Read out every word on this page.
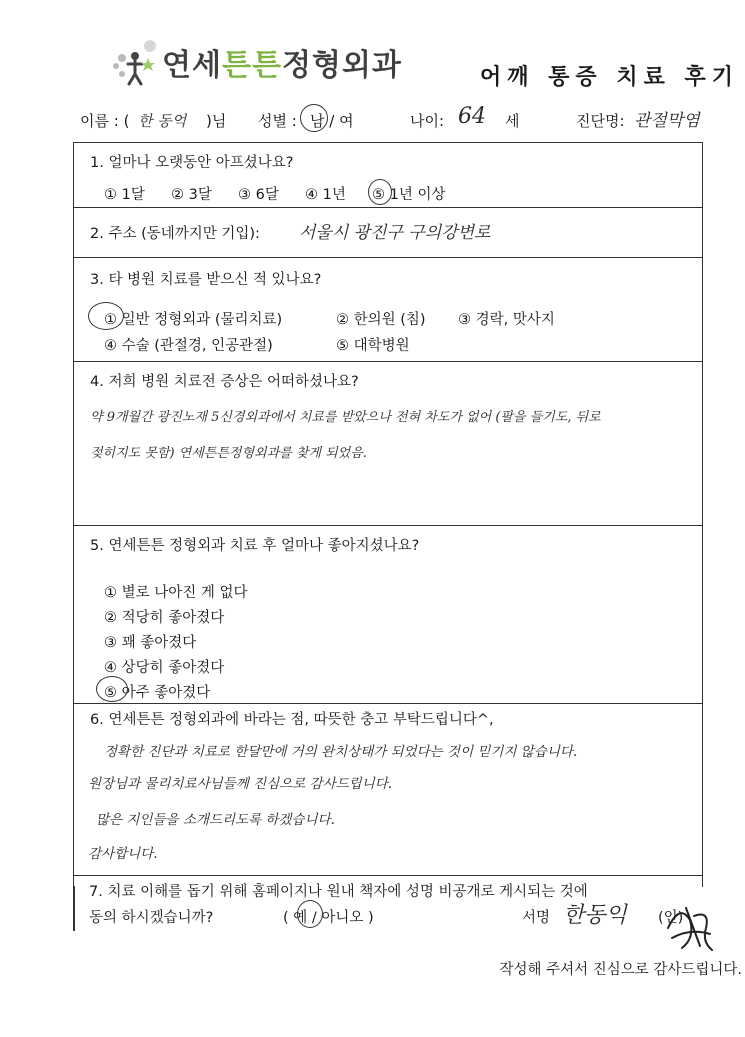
연세튼튼정형외과	어깨 통증 치료 후기
이름 : ( 한 동억 )님 성별 : 남 / 여	나이: 64 세	진단명: 관절막염
1. 얼마나 오랫동안 아프셨나요?
① 1달 ② 3달 ③ 6달 ④ 1년 ⑤ 1년 이상
2. 주소 (동네까지만 기입): 서울시 광진구 구의강변로
3. 타 병원 치료를 받으신 적 있나요?
① 일반 정형외과 (물리치료)	② 한의원 (침) ③ 경락, 맛사지
④ 수술 (관절경, 인공관절)	⑤ 대학병원
4. 저희 병원 치료전 증상은 어떠하셨나요?
약 9개월간 광진노재 5신경외과에서 치료를 받았으나 전혀 차도가 없어 (팔을 들기도, 뒤로
젖히지도 못함) 연세튼튼정형외과를 찾게 되었음.
5. 연세튼튼 정형외과 치료 후 얼마나 좋아지셨나요?
① 별로 나아진 게 없다
② 적당히 좋아졌다
③ 꽤 좋아졌다
④ 상당히 좋아졌다
⑤ 아주 좋아졌다
6. 연세튼튼 정형외과에 바라는 점, 따뜻한 충고 부탁드립니다^,
정확한 진단과 치료로 한달만에 거의 완치상태가 되었다는 것이 믿기지 않습니다.
원장님과 물리치료사님들께 진심으로 감사드립니다.
많은 지인들을 소개드리도록 하겠습니다.
감사합니다.
7. 치료 이해를 돕기 위해 홈페이지나 원내 책자에 성명 비공개로 게시되는 것에
동의 하시겠습니까?	( 예 / 아니오 )	서명 한동익 (인)
작성해 주셔서 진심으로 감사드립니다.
